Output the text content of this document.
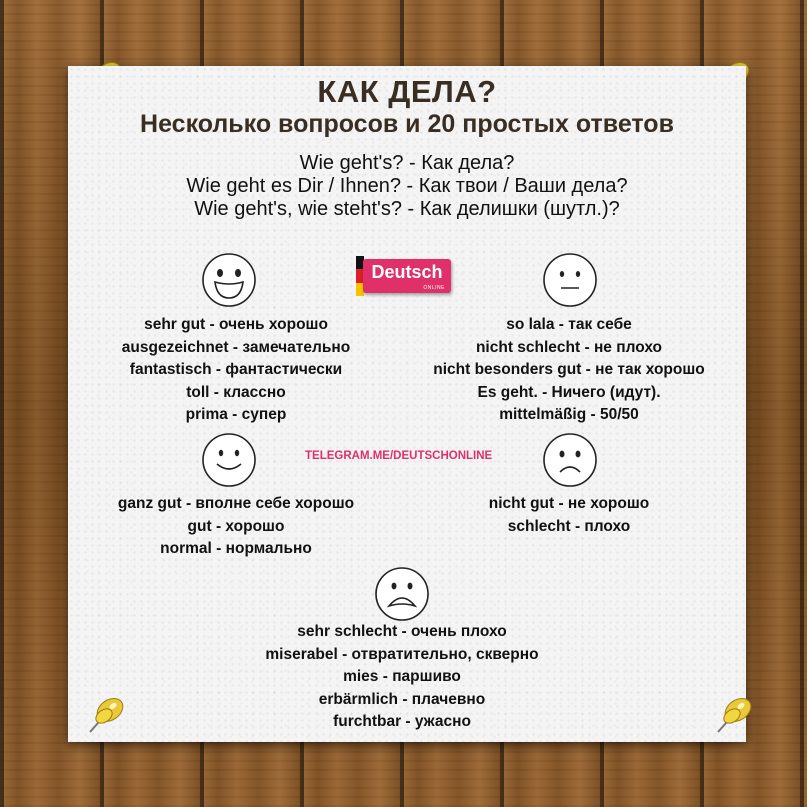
КАК ДЕЛА?
Несколько вопросов и 20 простых ответов
Wie geht's? - Как дела?
Wie geht es Dir / Ihnen? - Как твои / Ваши дела?
Wie geht's, wie steht's? - Как делишки (шутл.)?
Deutsch
ONLINE
TELEGRAM.ME/DEUTSCHONLINE
sehr gut - очень хорошо
ausgezeichnet - замечательно
fantastisch - фантастически
toll - классно
prima - супер
so lala - так себе
nicht schlecht - не плохо
nicht besonders gut - не так хорошо
Es geht. - Ничего (идут).
mittelmäßig - 50/50
ganz gut - вполне себе хорошо
gut - хорошо
normal - нормально
nicht gut - не хорошо
schlecht - плохо
sehr schlecht - очень плохо
miserabel - отвратительно, скверно
mies - паршиво
erbärmlich - плачевно
furchtbar - ужасно
